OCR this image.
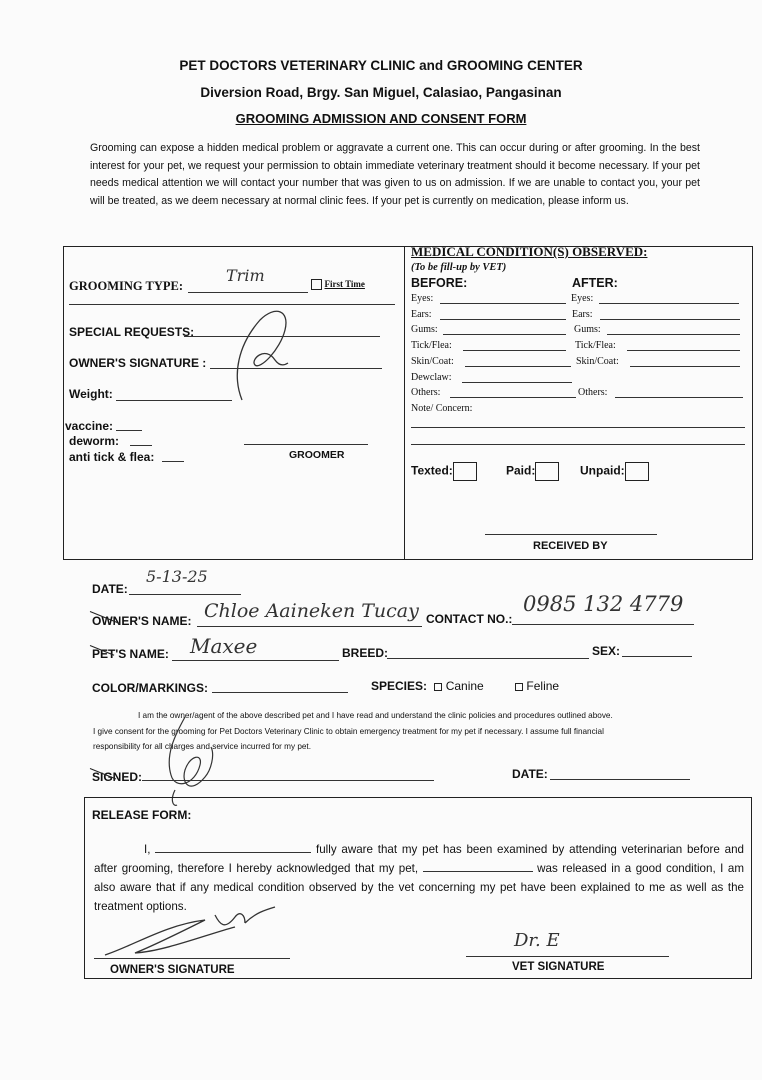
PET DOCTORS VETERINARY CLINIC and GROOMING CENTER
Diversion Road, Brgy. San Miguel, Calasiao, Pangasinan
GROOMING ADMISSION AND CONSENT FORM
Grooming can expose a hidden medical problem or aggravate a current one. This can occur during or after grooming. In the best interest for your pet, we request your permission to obtain immediate veterinary treatment should it become necessary. If your pet needs medical attention we will contact your number that was given to us on admission. If we are unable to contact you, your pet will be treated, as we deem necessary at normal clinic fees. If your pet is currently on medication, please inform us.
GROOMING TYPE:
Trim	First Time
SPECIAL REQUESTS:
OWNER'S SIGNATURE :
Weight:
vaccine:
deworm:
anti tick & flea:	GROOMER
MEDICAL CONDITION(S) OBSERVED:
(To be fill-up by VET)
BEFORE:	AFTER:
Eyes:	Eyes:
Ears:	Ears:
Gums:	Gums:
Tick/Flea:	Tick/Flea:
Skin/Coat:	Skin/Coat:
Dewclaw:
Others:	Others:
Note/ Concern:
Texted:	Paid:	Unpaid:
RECEIVED BY
DATE:
5-13-25
OWNER'S NAME: Chloe Aaineken Tucay CONTACT NO.:
0985 132 4779
PET'S NAME: Maxee	BREED:	SEX:
COLOR/MARKINGS:	SPECIES: Canine	Feline
I am the owner/agent of the above described pet and I have read and understand the clinic policies and procedures outlined above.
I give consent for the grooming for Pet Doctors Veterinary Clinic to obtain emergency treatment for my pet if necessary. I assume full financial
responsibility for all charges and service incurred for my pet.
SIGNED:	DATE:
RELEASE FORM:
I,	fully aware that my pet has been examined by attending veterinarian before and after grooming, therefore I hereby acknowledged that my pet,	was released in a good condition, I am also aware that if any medical condition observed by the vet concerning my pet have been explained to me as well as the treatment options.
OWNER'S SIGNATURE
Dr. E
VET SIGNATURE
